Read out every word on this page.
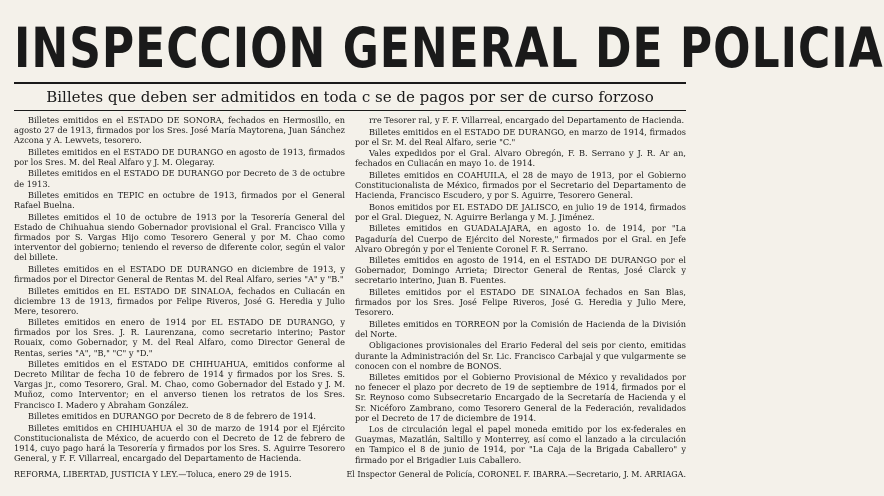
INSPECCION GENERAL DE POLICIA
Billetes que deben ser admitidos en toda c se de pagos por ser de curso forzoso

Billetes emitidos en el ESTADO DE SONORA, fechados en Hermosillo, en agosto 27 de 1913, firmados por los Sres. José María Maytorena, Juan Sánchez Azcona y A. Lewvets, tesorero.

Billetes emitidos en el ESTADO DE DURANGO en agosto de 1913, firmados por los Sres. M. del Real Alfaro y J. M. Olegaray.

Billetes emitidos en el ESTADO DE DURANGO por Decreto de 3 de octubre de 1913.

Billetes emitidos en TEPIC en octubre de 1913, firmados por el General Rafael Buelna.

Billetes emitidos el 10 de octubre de 1913 por la Tesorería General del Estado de Chihuahua siendo Gobernador provisional el Gral. Francisco Villa y firmados por S. Vargas Hijo como Tesorero General y por M. Chao como interventor del gobierno; teniendo el reverso de diferente color, según el valor del billete.

Billetes emitidos en el ESTADO DE DURANGO en diciembre de 1913, y firmados por el Director General de Rentas M. del Real Alfaro, series "A" y "B."

Billetes emitidos en EL ESTADO DE SINALOA, fechados en Culiacán en diciembre 13 de 1913, firmados por Felipe Riveros, José G. Heredia y Julio Mere, tesorero.

Billetes emitidos en enero de 1914 por EL ESTADO DE DURANGO, y firmados por los Sres. J. R. Laurenzana, como secretario interino; Pastor Rouaix, como Gobernador, y M. del Real Alfaro, como Director General de Rentas, series "A", "B," "C" y "D."

Billetes emitidos en el ESTADO DE CHIHUAHUA, emitidos conforme al Decreto Militar de fecha 10 de febrero de 1914 y firmados por los Sres. S. Vargas jr., como Tesorero, Gral. M. Chao, como Gobernador del Estado y J. M. Muñoz, como Interventor; en el anverso tienen los retratos de los Sres. Francisco I. Madero y Abraham González.

Billetes emitidos en DURANGO por Decreto de 8 de febrero de 1914.

Billetes emitidos en CHIHUAHUA el 30 de marzo de 1914 por el Ejército Constitucionalista de México, de acuerdo con el Decreto de 12 de febrero de 1914, cuyo pago hará la Tesorería y firmados por los Sres. S. Aguirre Tesorero General, y F. F. Villarreal, encargado del Departamento de Hacienda.

rre Tesorer ral, y F. F. Villarreal, encargado del Departamento de Hacienda.

Billetes emitidos en el ESTADO DE DURANGO, en marzo de 1914, firmados por el Sr. M. del Real Alfaro, serie "C."

Vales expedidos por el Gral. Alvaro Obregón, F. B. Serrano y J. R. Ar an, fechados en Culiacán en mayo 1o. de 1914.

Billetes emitidos en COAHUILA, el 28 de mayo de 1913, por el Gobierno Constitucionalista de México, firmados por el Secretario del Departamento de Hacienda, Francisco Escudero, y por S. Aguirre, Tesorero General.

Bonos emitidos por EL ESTADO DE JALISCO, en julio 19 de 1914, firmados por el Gral. Dieguez, N. Aguirre Berlanga y M. J. Jiménez.

Billetes emitidos en GUADALAJARA, en agosto 1o. de 1914, por "La Pagaduría del Cuerpo de Ejército del Noreste," firmados por el Gral. en Jefe Alvaro Obregón y por el Teniente Coronel F. R. Serrano.

Billetes emitidos en agosto de 1914, en el ESTADO DE DURANGO por el Gobernador, Domingo Arrieta; Director General de Rentas, José Clarck y secretario interino, Juan B. Fuentes.

Billetes emitidos por el ESTADO DE SINALOA fechados en San Blas, firmados por los Sres. José Felipe Riveros, José G. Heredia y Julio Mere, Tesorero.

Billetes emitidos en TORREON por la Comisión de Hacienda de la División del Norte.

Obligaciones provisionales del Erario Federal del seis por ciento, emitidas durante la Administración del Sr. Lic. Francisco Carbajal y que vulgarmente se conocen con el nombre de BONOS.

Billetes emitidos por el Gobierno Provisional de México y revalidados por no fenecer el plazo por decreto de 19 de septiembre de 1914, firmados por el Sr. Reynoso como Subsecretario Encargado de la Secretaría de Hacienda y el Sr. Nicéforo Zambrano, como Tesorero General de la Federación, revalidados por el Decreto de 17 de diciembre de 1914.

Los de circulación legal el papel moneda emitido por los ex-federales en Guaymas, Mazatlán, Saltillo y Monterrey, así como el lanzado a la circulación en Tampico el 8 de junio de 1914, por "La Caja de la Brigada Caballero" y firmado por el Brigadier Luis Caballero.

REFORMA, LIBERTAD, JUSTICIA Y LEY.—Toluca, enero 29 de 1915.	El Inspector General de Policía, CORONEL F. IBARRA.—Secretario, J. M. ARRIAGA.
